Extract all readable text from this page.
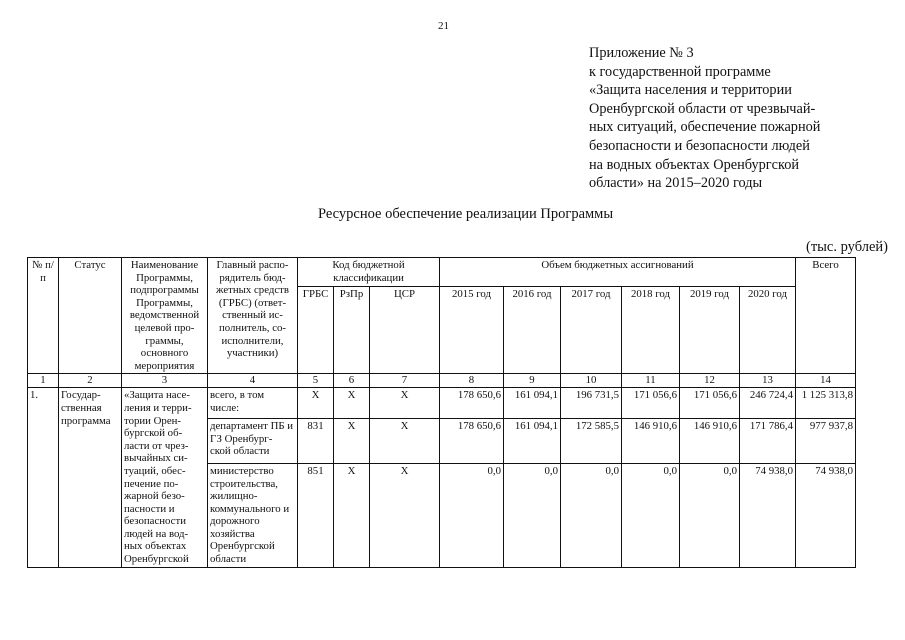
21
Приложение № 3
к государственной программе
«Защита населения и территории
Оренбургской области от чрезвычай-
ных ситуаций, обеспечение пожарной
безопасности и безопасности людей
на водных объектах Оренбургской
области» на 2015–2020 годы
Ресурсное обеспечение реализации Программы
(тыс. рублей)
№ п/п	Статус	Наименование Программы, подпрограммы Программы, ведомственной целевой про- граммы, основного мероприятия	Главный распо- рядитель бюд- жетных средств (ГРБС) (ответ- ственный ис- полнитель, со- исполнители, участники)	Код бюджетной классификации			Объем бюджетных ассигнований						Всего
				ГРБС	РзПр	ЦСР	2015 год	2016 год	2017 год	2018 год	2019 год	2020 год	
1	2	3	4	5	6	7	8	9	10	11	12	13	14
1.	Государ- ственная программа	«Защита насе- ления и терри- тории Орен- бургской об- ласти от чрез- вычайных си- туаций, обес- печение по- жарной безо- пасности и безопасности людей на вод- ных объектах Оренбургской	всего, в том числе:	X	X	X	178 650,6	161 094,1	196 731,5	171 056,6	171 056,6	246 724,4	1 125 313,8
			департамент ПБ и ГЗ Оренбург- ской области	831	X	X	178 650,6	161 094,1	172 585,5	146 910,6	146 910,6	171 786,4	977 937,8
			министерство строительства, жилищно- коммунального и дорожного хозяйства Оренбургской области	851	X	X	0,0	0,0	0,0	0,0	0,0	74 938,0	74 938,0
